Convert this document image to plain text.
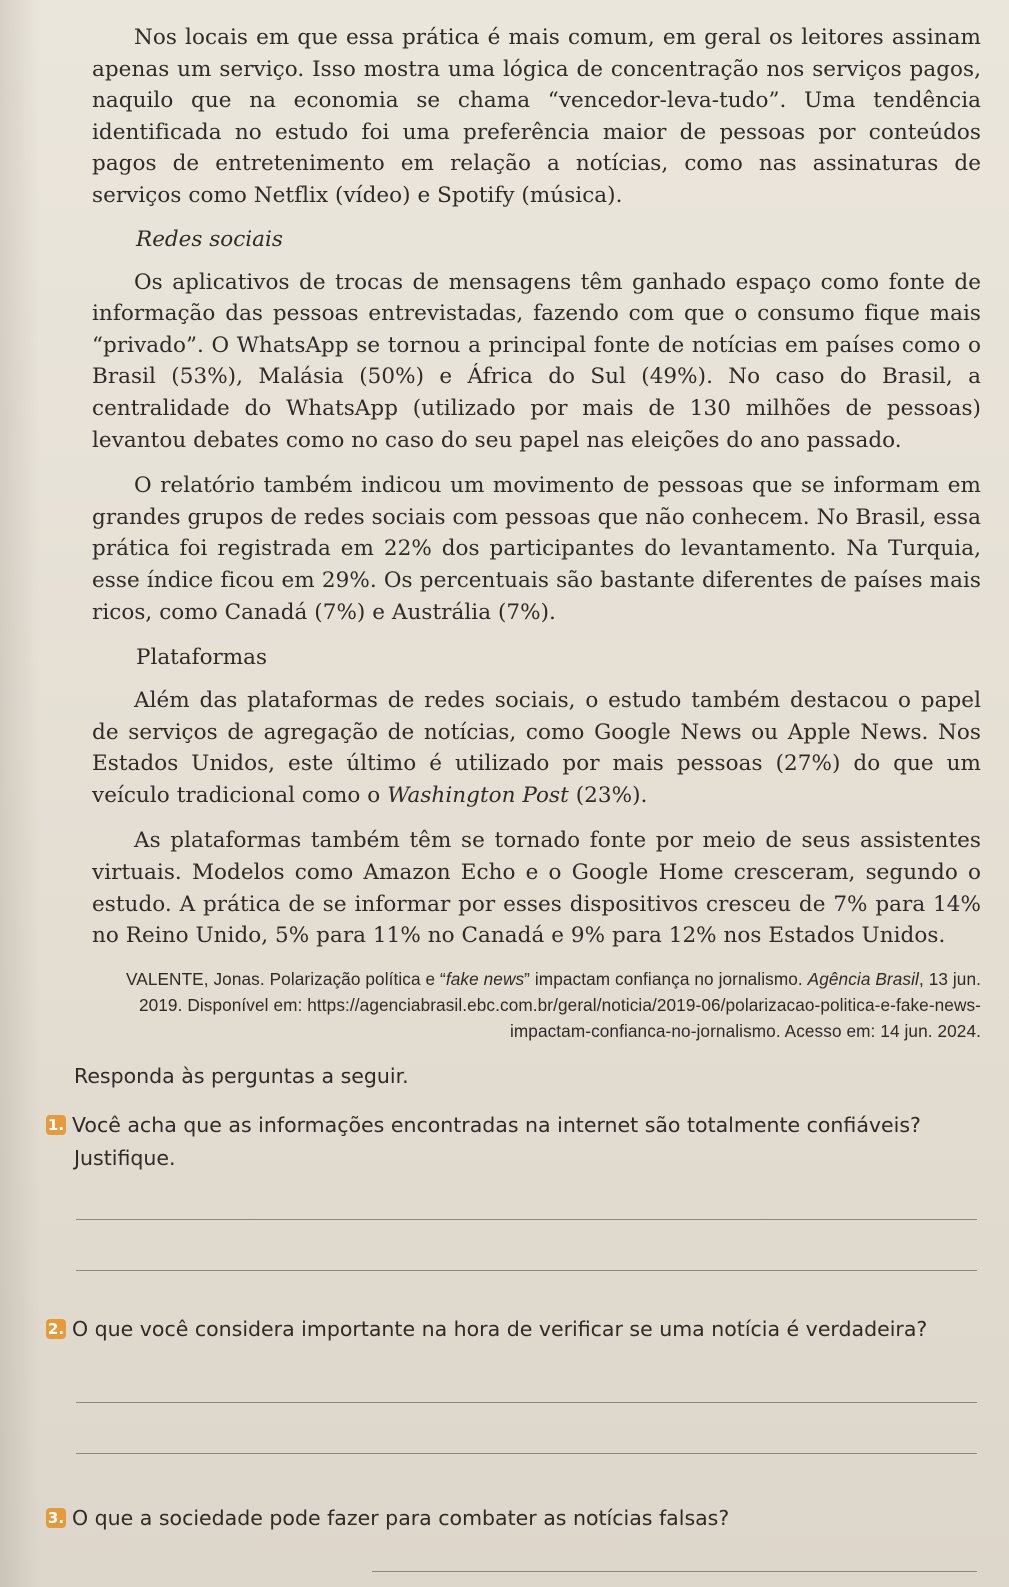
Nos locais em que essa prática é mais comum, em geral os leitores assinam apenas um serviço. Isso mostra uma lógica de concentração nos serviços pagos, naquilo que na economia se chama “vencedor-leva-tudo”. Uma tendência identificada no estudo foi uma preferência maior de pessoas por conteúdos pagos de entretenimento em relação a notícias, como nas assinaturas de serviços como Netflix (vídeo) e Spotify (música).

Redes sociais

Os aplicativos de trocas de mensagens têm ganhado espaço como fonte de informação das pessoas entrevistadas, fazendo com que o consumo fique mais “privado”. O WhatsApp se tornou a principal fonte de notícias em países como o Brasil (53%), Malásia (50%) e África do Sul (49%). No caso do Brasil, a centralidade do WhatsApp (utilizado por mais de 130 milhões de pessoas) levantou debates como no caso do seu papel nas eleições do ano passado.

O relatório também indicou um movimento de pessoas que se informam em grandes grupos de redes sociais com pessoas que não conhecem. No Brasil, essa prática foi registrada em 22% dos participantes do levantamento. Na Turquia, esse índice ficou em 29%. Os percentuais são bastante diferentes de países mais ricos, como Canadá (7%) e Austrália (7%).

Plataformas

Além das plataformas de redes sociais, o estudo também destacou o papel de serviços de agregação de notícias, como Google News ou Apple News. Nos Estados Unidos, este último é utilizado por mais pessoas (27%) do que um veículo tradicional como o Washington Post (23%).

As plataformas também têm se tornado fonte por meio de seus assistentes virtuais. Modelos como Amazon Echo e o Google Home cresceram, segundo o estudo. A prática de se informar por esses dispositivos cresceu de 7% para 14% no Reino Unido, 5% para 11% no Canadá e 9% para 12% nos Estados Unidos.

VALENTE, Jonas. Polarização política e “fake news” impactam confiança no jornalismo. Agência Brasil, 13 jun. 2019. Disponível em: https://agenciabrasil.ebc.com.br/geral/noticia/2019-06/polarizacao-politica-e-fake-news-impactam-confianca-no-jornalismo. Acesso em: 14 jun. 2024.
Responda às perguntas a seguir.
1. Você acha que as informações encontradas na internet são totalmente confiáveis? Justifique.
2. O que você considera importante na hora de verificar se uma notícia é verdadeira?
3. O que a sociedade pode fazer para combater as notícias falsas?
